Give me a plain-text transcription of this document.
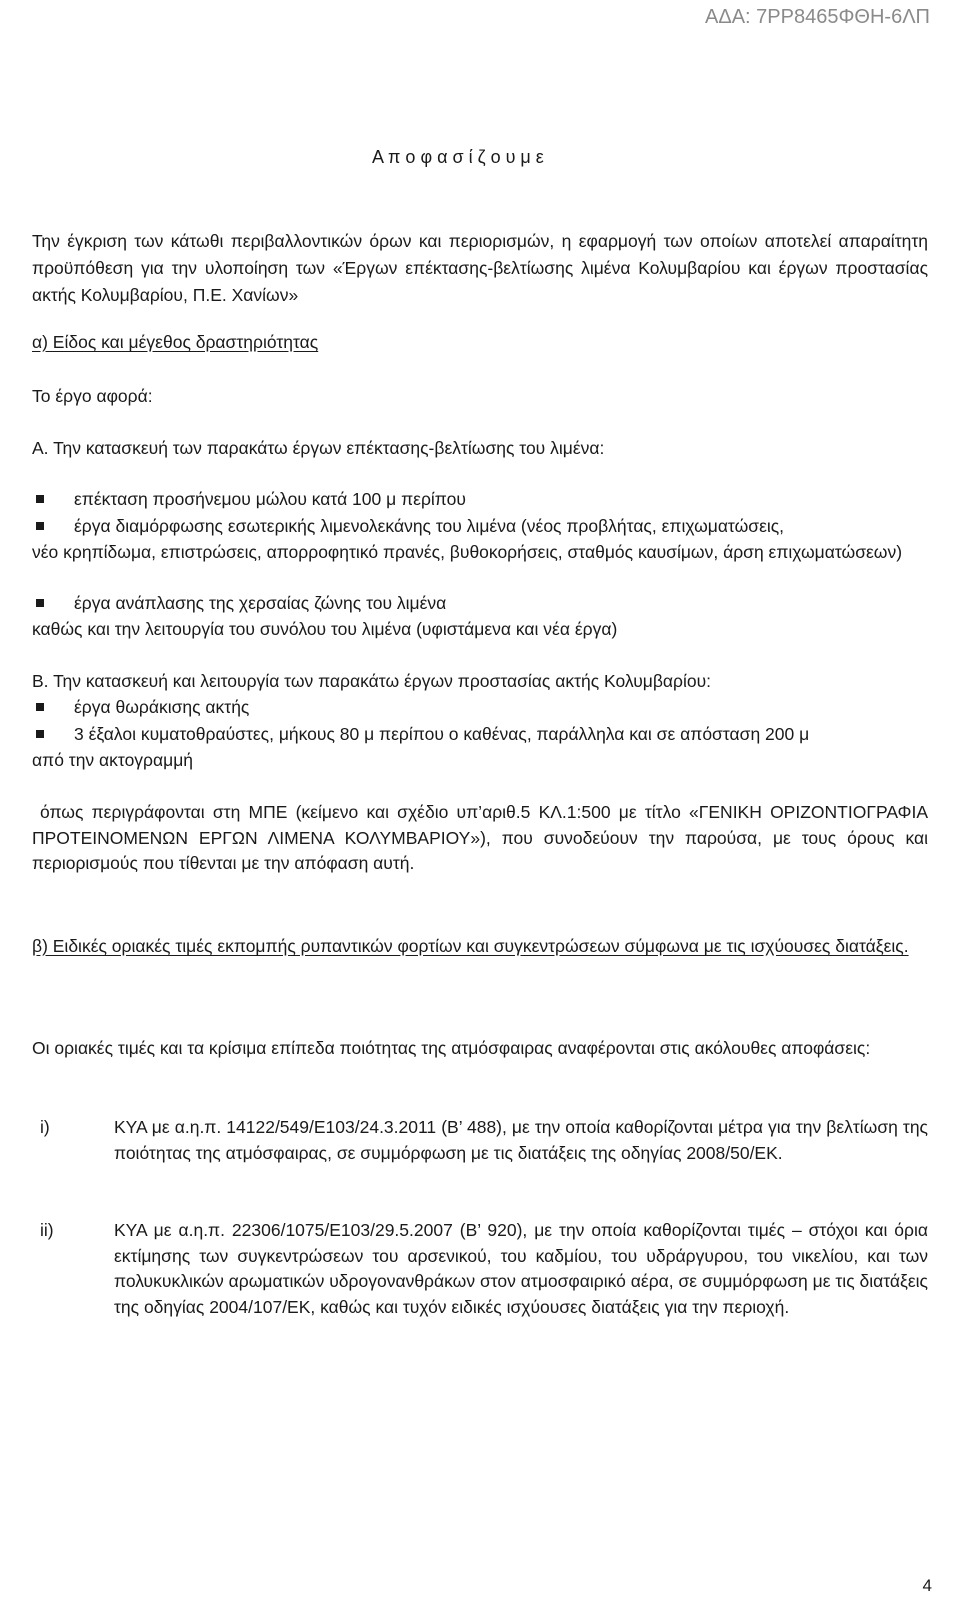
ΑΔΑ: 7ΡΡ8465ΦΘΗ-6ΛΠ
Α π ο φ α σ ί ζ ο υ μ ε

Την έγκριση των κάτωθι περιβαλλοντικών όρων και περιορισμών, η εφαρμογή των οποίων αποτελεί απαραίτητη προϋπόθεση για την υλοποίηση των «Έργων επέκτασης-βελτίωσης λιμένα Κολυμβαρίου και έργων προστασίας ακτής Κολυμβαρίου, Π.Ε. Χανίων»

α) Είδος και μέγεθος δραστηριότητας

Το έργο αφορά:

Α. Την κατασκευή των παρακάτω έργων επέκτασης-βελτίωσης του λιμένα:

επέκταση προσήνεμου μώλου κατά 100 μ περίπου
έργα διαμόρφωσης εσωτερικής λιμενολεκάνης του λιμένα (νέος προβλήτας, επιχωματώσεις,

νέο κρηπίδωμα, επιστρώσεις, απορροφητικό πρανές, βυθοκορήσεις, σταθμός καυσίμων, άρση επιχωματώσεων)

έργα ανάπλασης της χερσαίας ζώνης του λιμένα

καθώς και την λειτουργία του συνόλου του λιμένα (υφιστάμενα και νέα έργα)

Β. Την κατασκευή και λειτουργία των παρακάτω έργων προστασίας ακτής Κολυμβαρίου:

έργα θωράκισης ακτής
3 έξαλοι κυματοθραύστες, μήκους 80 μ περίπου ο καθένας, παράλληλα και σε απόσταση 200 μ

από την ακτογραμμή

όπως περιγράφονται στη ΜΠΕ (κείμενο και σχέδιο υπ’αριθ.5 ΚΛ.1:500 με τίτλο «ΓΕΝΙΚΗ ΟΡΙΖΟΝΤΙΟΓΡΑΦΙΑ ΠΡΟΤΕΙΝΟΜΕΝΩΝ ΕΡΓΩΝ ΛΙΜΕΝΑ ΚΟΛΥΜΒΑΡΙΟΥ»), που συνοδεύουν την παρούσα, με τους όρους και περιορισμούς που τίθενται με την απόφαση αυτή.

β) Ειδικές οριακές τιμές εκπομπής ρυπαντικών φορτίων και συγκεντρώσεων σύμφωνα με τις ισχύουσες διατάξεις.

Οι οριακές τιμές και τα κρίσιμα επίπεδα ποιότητας της ατμόσφαιρας αναφέρονται στις ακόλουθες αποφάσεις:

i)	ΚΥΑ με α.η.π. 14122/549/Ε103/24.3.2011 (Β’ 488), με την οποία καθορίζονται μέτρα για την βελτίωση της ποιότητας της ατμόσφαιρας, σε συμμόρφωση με τις διατάξεις της οδηγίας 2008/50/ΕΚ.
ii)	ΚΥΑ με α.η.π. 22306/1075/Ε103/29.5.2007 (Β’ 920), με την οποία καθορίζονται τιμές – στόχοι και όρια εκτίμησης των συγκεντρώσεων του αρσενικού, του καδμίου, του υδράργυρου, του νικελίου, και των πολυκυκλικών αρωματικών υδρογονανθράκων στον ατμοσφαιρικό αέρα, σε συμμόρφωση με τις διατάξεις της οδηγίας 2004/107/ΕΚ, καθώς και τυχόν ειδικές ισχύουσες διατάξεις για την περιοχή.
4
